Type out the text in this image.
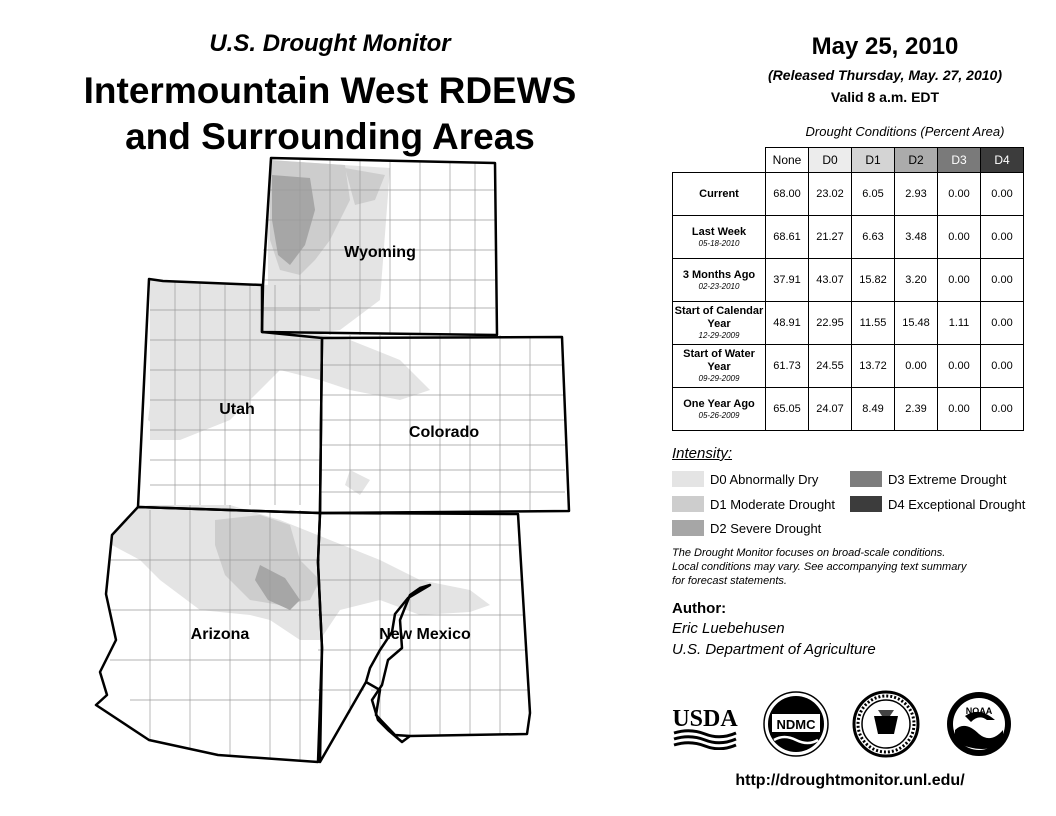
U.S. Drought Monitor
Intermountain West RDEWS
and Surrounding Areas
Wyoming
Utah
Colorado
Arizona	New Mexico
May 25, 2010
(Released Thursday, May. 27, 2010)
Valid 8 a.m. EDT
Drought Conditions (Percent Area)
	None	D0	D1	D2	D3	D4
Current	68.00	23.02	6.05	2.93	0.00	0.00
Last Week
05-18-2010	68.61	21.27	6.63	3.48	0.00	0.00
3 Months Ago
02-23-2010	37.91	43.07	15.82	3.20	0.00	0.00
Start of Calendar Year
12-29-2009	48.91	22.95	11.55	15.48	1.11	0.00
Start of Water Year
09-29-2009	61.73	24.55	13.72	0.00	0.00	0.00
One Year Ago
05-26-2009	65.05	24.07	8.49	2.39	0.00	0.00
Intensity:
D0 Abnormally Dry
D1 Moderate Drought
D2 Severe Drought
D3 Extreme Drought
D4 Exceptional Drought
The Drought Monitor focuses on broad-scale conditions.
Local conditions may vary. See accompanying text summary
for forecast statements.
Author:
Eric Luebehusen
U.S. Department of Agriculture
USDA	NDMC
NOAA
http://droughtmonitor.unl.edu/
